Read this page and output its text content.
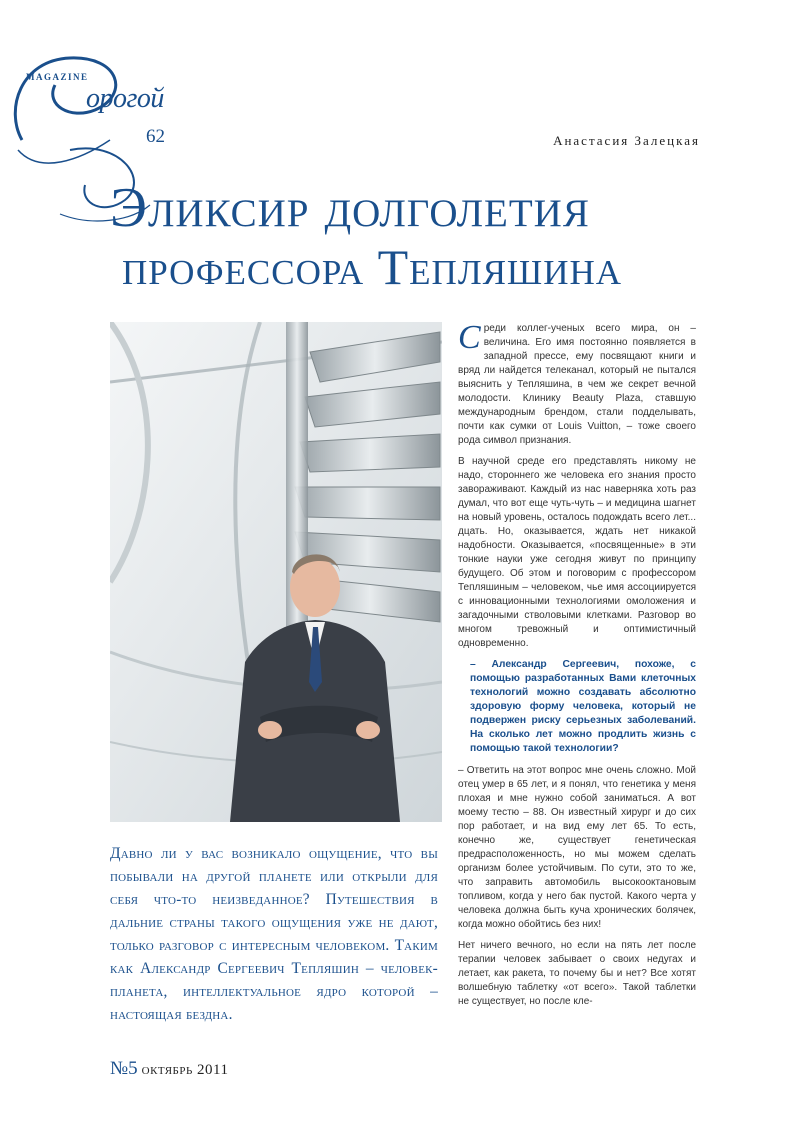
MAGAZINE
орогой
62	Анастасия Залецкая
Эликсир долголетия
профессора Тепляшина
Давно ли у вас возникало ощущение, что вы побывали на другой планете или открыли для себя что-то неизведанное? Путешествия в дальние страны такого ощущения уже не дают, только разговор с интересным человеком. Таким как Александр Сергеевич Тепляшин – человек-планета, интеллектуальное ядро которой – настоящая бездна.

Среди коллег-ученых всего мира, он – величина. Его имя постоянно появляется в западной прессе, ему посвящают книги и вряд ли найдется телеканал, который не пытался выяснить у Тепляшина, в чем же секрет вечной молодости. Клинику Beauty Plaza, ставшую международным брендом, стали подделывать, почти как сумки от Louis Vuitton, – тоже своего рода символ признания.

В научной среде его представлять никому не надо, стороннего же человека его знания просто завораживают. Каждый из нас наверняка хоть раз думал, что вот еще чуть-чуть – и медицина шагнет на новый уровень, осталось подождать всего лет... дцать. Но, оказывается, ждать нет никакой надобности. Оказывается, «посвященные» в эти тонкие науки уже сегодня живут по принципу будущего. Об этом и поговорим с профессором Тепляшиным – человеком, чье имя ассоциируется с инновационными технологиями омоложения и загадочными стволовыми клетками. Разговор во многом тревожный и оптимистичный одновременно.

– Александр Сергеевич, похоже, с помощью разработанных Вами клеточных технологий можно создавать абсолютно здоровую форму человека, который не подвержен риску серьезных заболеваний. На сколько лет можно продлить жизнь с помощью такой технологии?

– Ответить на этот вопрос мне очень сложно. Мой отец умер в 65 лет, и я понял, что генетика у меня плохая и мне нужно собой заниматься. А вот моему тестю – 88. Он известный хирург и до сих пор работает, и на вид ему лет 65. То есть, конечно же, существует генетическая предрасположенность, но мы можем сделать организм более устойчивым. По сути, это то же, что заправить автомобиль высокооктановым топливом, когда у него бак пустой. Какого черта у человека должна быть куча хронических болячек, когда можно обойтись без них!

Нет ничего вечного, но если на пять лет после терапии человек забывает о своих недугах и летает, как ракета, то почему бы и нет? Все хотят волшебную таблетку «от всего». Такой таблетки не существует, но после кле-

№5 октябрь 2011
